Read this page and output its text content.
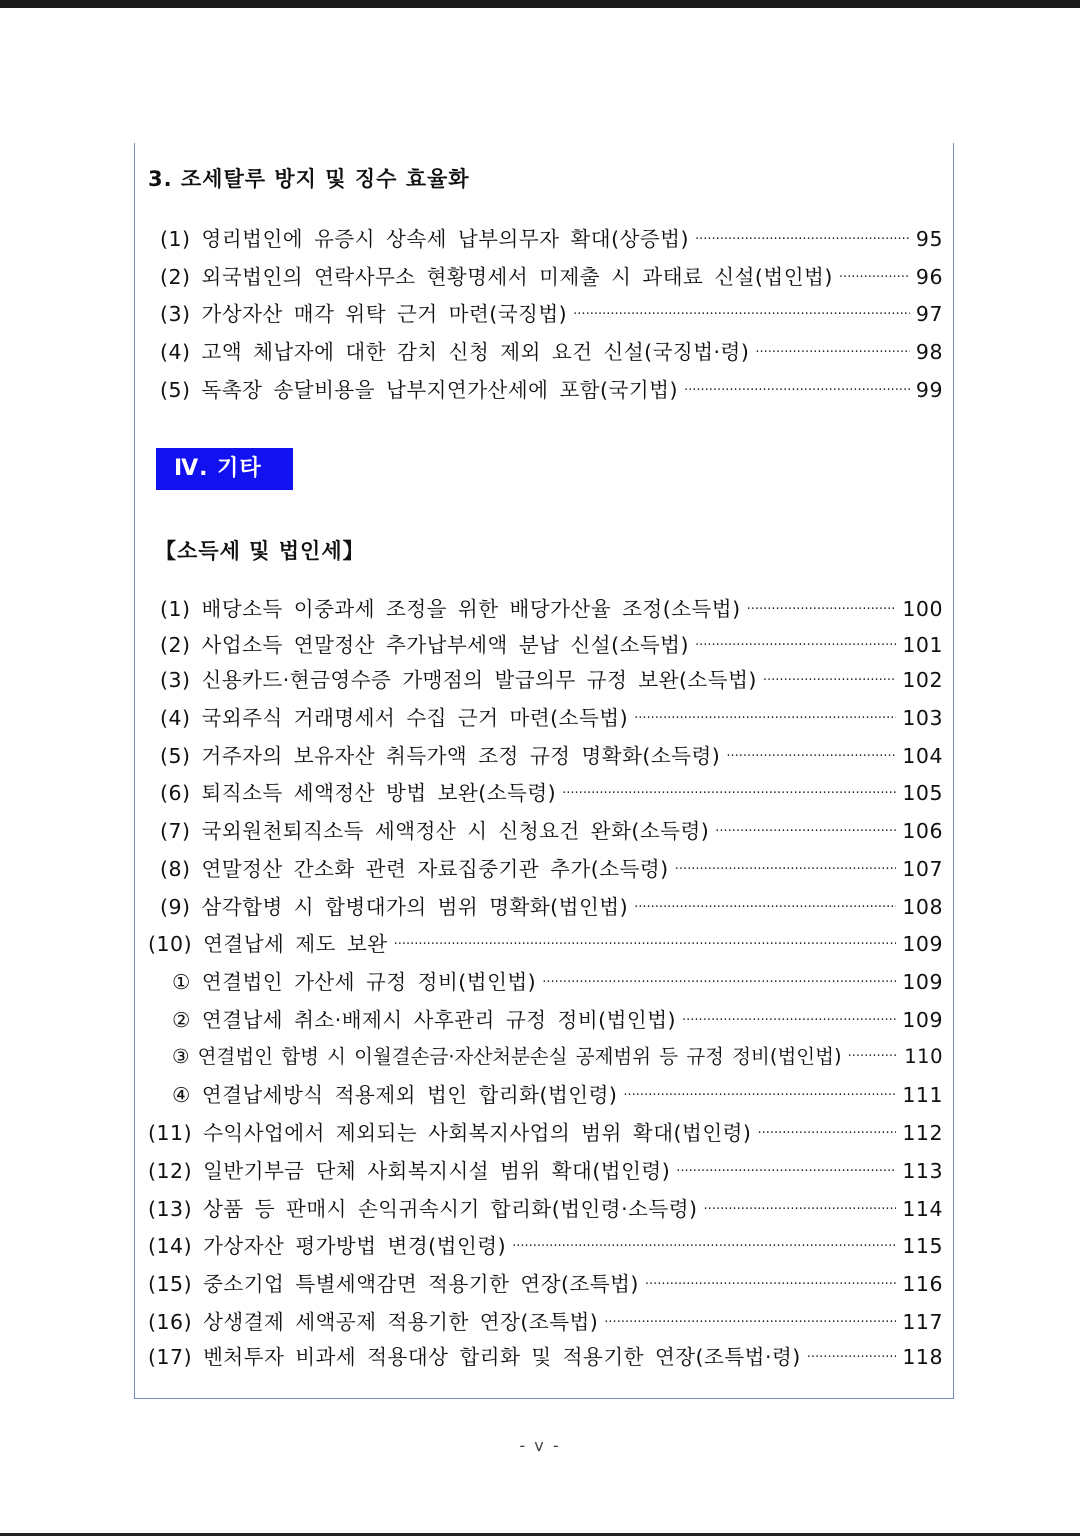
3. 조세탈루 방지 및 징수 효율화
(1) 영리법인에 유증시 상속세 납부의무자 확대(상증법) ·····	95
(2) 외국법인의 연락사무소 현황명세서 미제출 시 과태료 신설(법인법) ·····	96
(3) 가상자산 매각 위탁 근거 마련(국징법) ·····	97
(4) 고액 체납자에 대한 감치 신청 제외 요건 신설(국징법·령) ·····	98
(5) 독촉장 송달비용을 납부지연가산세에 포함(국기법) ·····	99
Ⅳ. 기타
【소득세 및 법인세】
(1) 배당소득 이중과세 조정을 위한 배당가산율 조정(소득법) ·····	100
(2) 사업소득 연말정산 추가납부세액 분납 신설(소득법) ·····	101
(3) 신용카드·현금영수증 가맹점의 발급의무 규정 보완(소득법) ·····	102
(4) 국외주식 거래명세서 수집 근거 마련(소득법) ·····	103
(5) 거주자의 보유자산 취득가액 조정 규정 명확화(소득령) ·····	104
(6) 퇴직소득 세액정산 방법 보완(소득령) ·····	105
(7) 국외원천퇴직소득 세액정산 시 신청요건 완화(소득령) ·····	106
(8) 연말정산 간소화 관련 자료집중기관 추가(소득령) ·····	107
(9) 삼각합병 시 합병대가의 범위 명확화(법인법) ·····	108
(10) 연결납세 제도 보완 ·····	109
① 연결법인 가산세 규정 정비(법인법) ·····	109
② 연결납세 취소·배제시 사후관리 규정 정비(법인법) ·····	109
③ 연결법인 합병 시 이월결손금·자산처분손실 공제범위 등 규정 정비(법인법) ·····	110
④ 연결납세방식 적용제외 법인 합리화(법인령) ·····	111
(11) 수익사업에서 제외되는 사회복지사업의 범위 확대(법인령) ·····	112
(12) 일반기부금 단체 사회복지시설 범위 확대(법인령) ·····	113
(13) 상품 등 판매시 손익귀속시기 합리화(법인령·소득령) ·····	114
(14) 가상자산 평가방법 변경(법인령) ·····	115
(15) 중소기업 특별세액감면 적용기한 연장(조특법) ·····	116
(16) 상생결제 세액공제 적용기한 연장(조특법) ·····	117
(17) 벤처투자 비과세 적용대상 합리화 및 적용기한 연장(조특법·령) ·····	118
- v -
